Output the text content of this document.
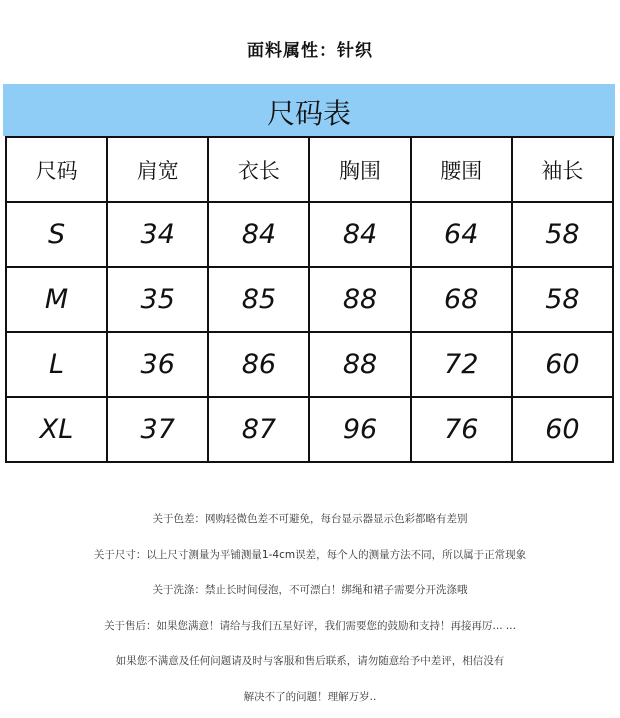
面料属性：针织
尺码表
尺码	肩宽	衣长	胸围	腰围	袖长
S	34	84	84	64	58
M	35	85	88	68	58
L	36	86	88	72	60
XL	37	87	96	76	60

关于色差：网购轻微色差不可避免，每台显示器显示色彩都略有差别

关于尺寸：以上尺寸测量为平铺测量1-4cm误差，每个人的测量方法不同，所以属于正常现象

关于洗涤：禁止长时间侵泡，不可漂白！绑绳和裙子需要分开洗涤哦

关于售后：如果您满意！请给与我们五星好评，我们需要您的鼓励和支持！再接再厉... ...

如果您不满意及任何问题请及时与客服和售后联系，请勿随意给予中差评，相信没有

解决不了的问题！理解万岁..
